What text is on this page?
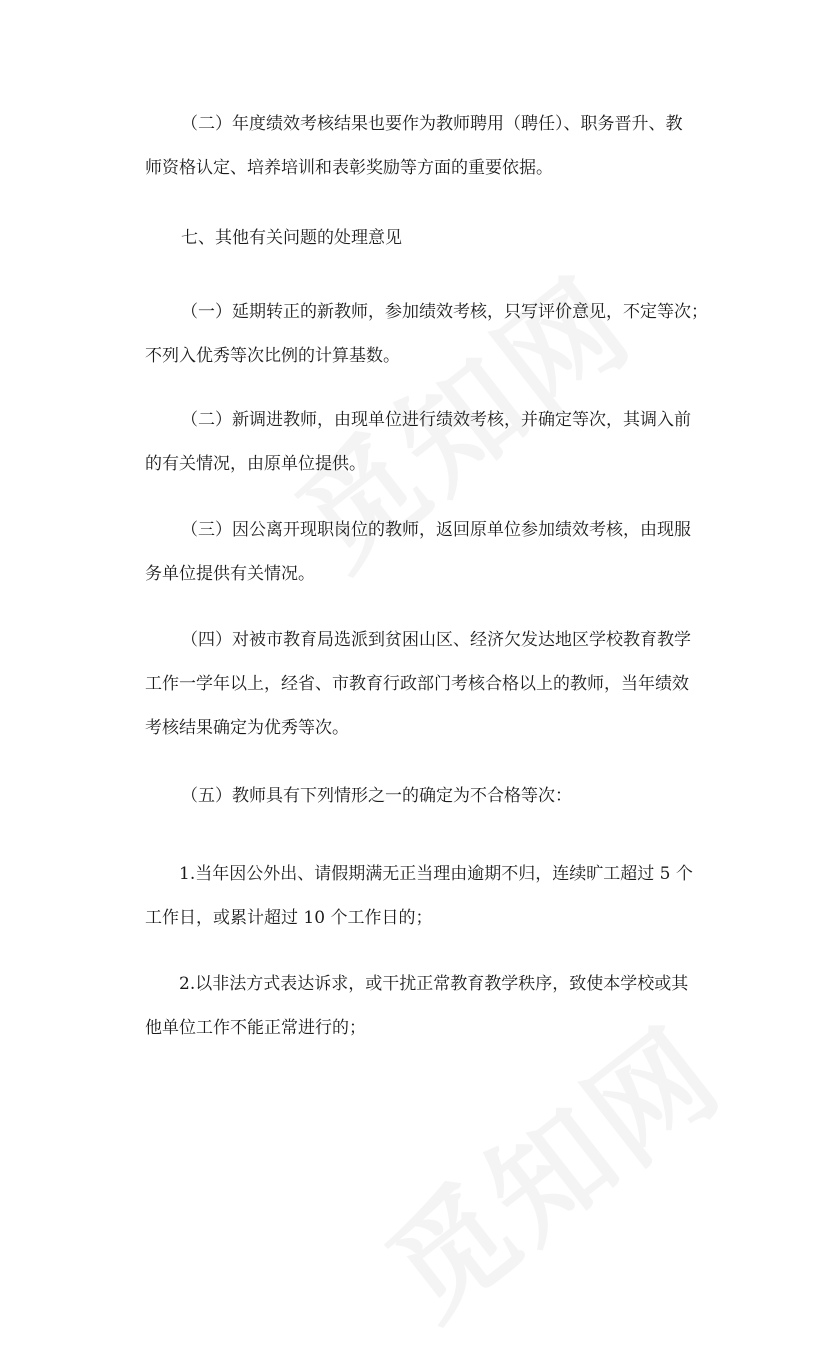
（二）年度绩效考核结果也要作为教师聘用（聘任）、职务晋升、教
师资格认定、培养培训和表彰奖励等方面的重要依据。

七、其他有关问题的处理意见

（一）延期转正的新教师，参加绩效考核，只写评价意见，不定等次；
不列入优秀等次比例的计算基数。

（二）新调进教师，由现单位进行绩效考核，并确定等次，其调入前
的有关情况，由原单位提供。

（三）因公离开现职岗位的教师，返回原单位参加绩效考核，由现服
务单位提供有关情况。

（四）对被市教育局选派到贫困山区、经济欠发达地区学校教育教学
工作一学年以上，经省、市教育行政部门考核合格以上的教师，当年绩效
考核结果确定为优秀等次。

（五）教师具有下列情形之一的确定为不合格等次：

1.当年因公外出、请假期满无正当理由逾期不归，连续旷工超过 5 个
工作日，或累计超过 10 个工作日的；

2.以非法方式表达诉求，或干扰正常教育教学秩序，致使本学校或其
他单位工作不能正常进行的；
